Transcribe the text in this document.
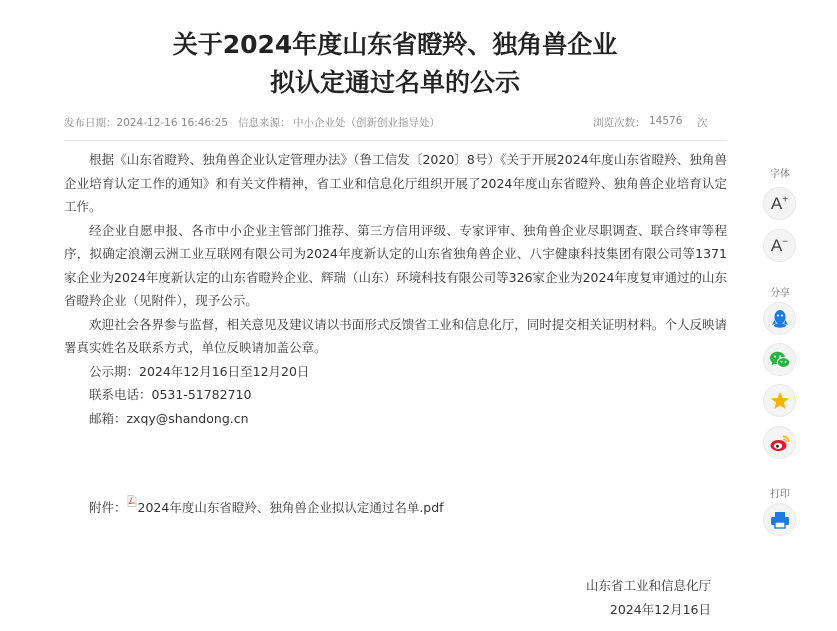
关于2024年度山东省瞪羚、独角兽企业
拟认定通过名单的公示
发布日期：2024-12-16 16:46:25 信息来源： 中小企业处（创新创业指导处）	浏览次数： 14576 次

根据《山东省瞪羚、独角兽企业认定管理办法》（鲁工信发〔2020〕8号）《关于开展2024年度山东省瞪羚、独角兽企业培育认定工作的通知》和有关文件精神，省工业和信息化厅组织开展了2024年度山东省瞪羚、独角兽企业培育认定工作。

经企业自愿申报、各市中小企业主管部门推荐、第三方信用评级、专家评审、独角兽企业尽职调查、联合终审等程序，拟确定浪潮云洲工业互联网有限公司为2024年度新认定的山东省独角兽企业、八宇健康科技集团有限公司等1371家企业为2024年度新认定的山东省瞪羚企业、辉瑞（山东）环境科技有限公司等326家企业为2024年度复审通过的山东省瞪羚企业（见附件），现予公示。

欢迎社会各界参与监督，相关意见及建议请以书面形式反馈省工业和信息化厅，同时提交相关证明材料。个人反映请署真实姓名及联系方式，单位反映请加盖公章。

公示期：2024年12月16日至12月20日
联系电话：0531-51782710
邮箱：zxqy@shandong.cn
附件： 2024年度山东省瞪羚、独角兽企业拟认定通过名单.pdf
山东省工业和信息化厅
2024年12月16日
字体
A+
A−
分享
打印
